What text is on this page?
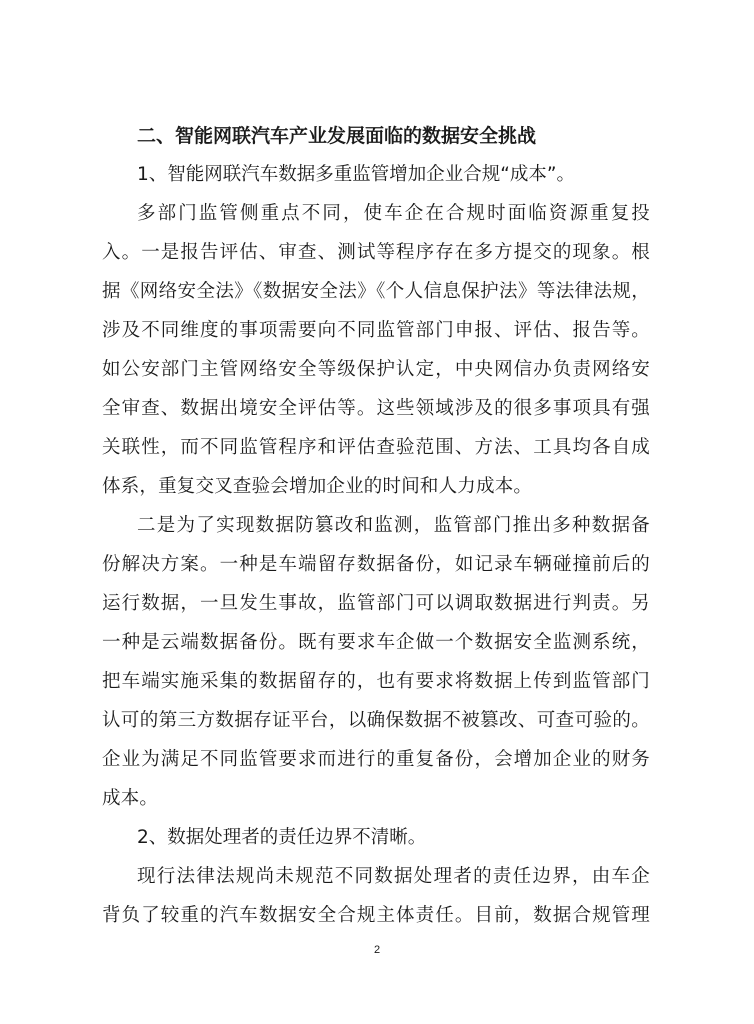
二、智能网联汽车产业发展面临的数据安全挑战

1、智能网联汽车数据多重监管增加企业合规“成本”。

多部门监管侧重点不同，使车企在合规时面临资源重复投

入。一是报告评估、审查、测试等程序存在多方提交的现象。根

据《网络安全法》《数据安全法》《个人信息保护法》等法律法规，

涉及不同维度的事项需要向不同监管部门申报、评估、报告等。

如公安部门主管网络安全等级保护认定，中央网信办负责网络安

全审查、数据出境安全评估等。这些领域涉及的很多事项具有强

关联性，而不同监管程序和评估查验范围、方法、工具均各自成

体系，重复交叉查验会增加企业的时间和人力成本。

二是为了实现数据防篡改和监测，监管部门推出多种数据备

份解决方案。一种是车端留存数据备份，如记录车辆碰撞前后的

运行数据，一旦发生事故，监管部门可以调取数据进行判责。另

一种是云端数据备份。既有要求车企做一个数据安全监测系统，

把车端实施采集的数据留存的，也有要求将数据上传到监管部门

认可的第三方数据存证平台，以确保数据不被篡改、可查可验的。

企业为满足不同监管要求而进行的重复备份，会增加企业的财务

成本。

2、数据处理者的责任边界不清晰。

现行法律法规尚未规范不同数据处理者的责任边界，由车企

背负了较重的汽车数据安全合规主体责任。目前，数据合规管理

2
